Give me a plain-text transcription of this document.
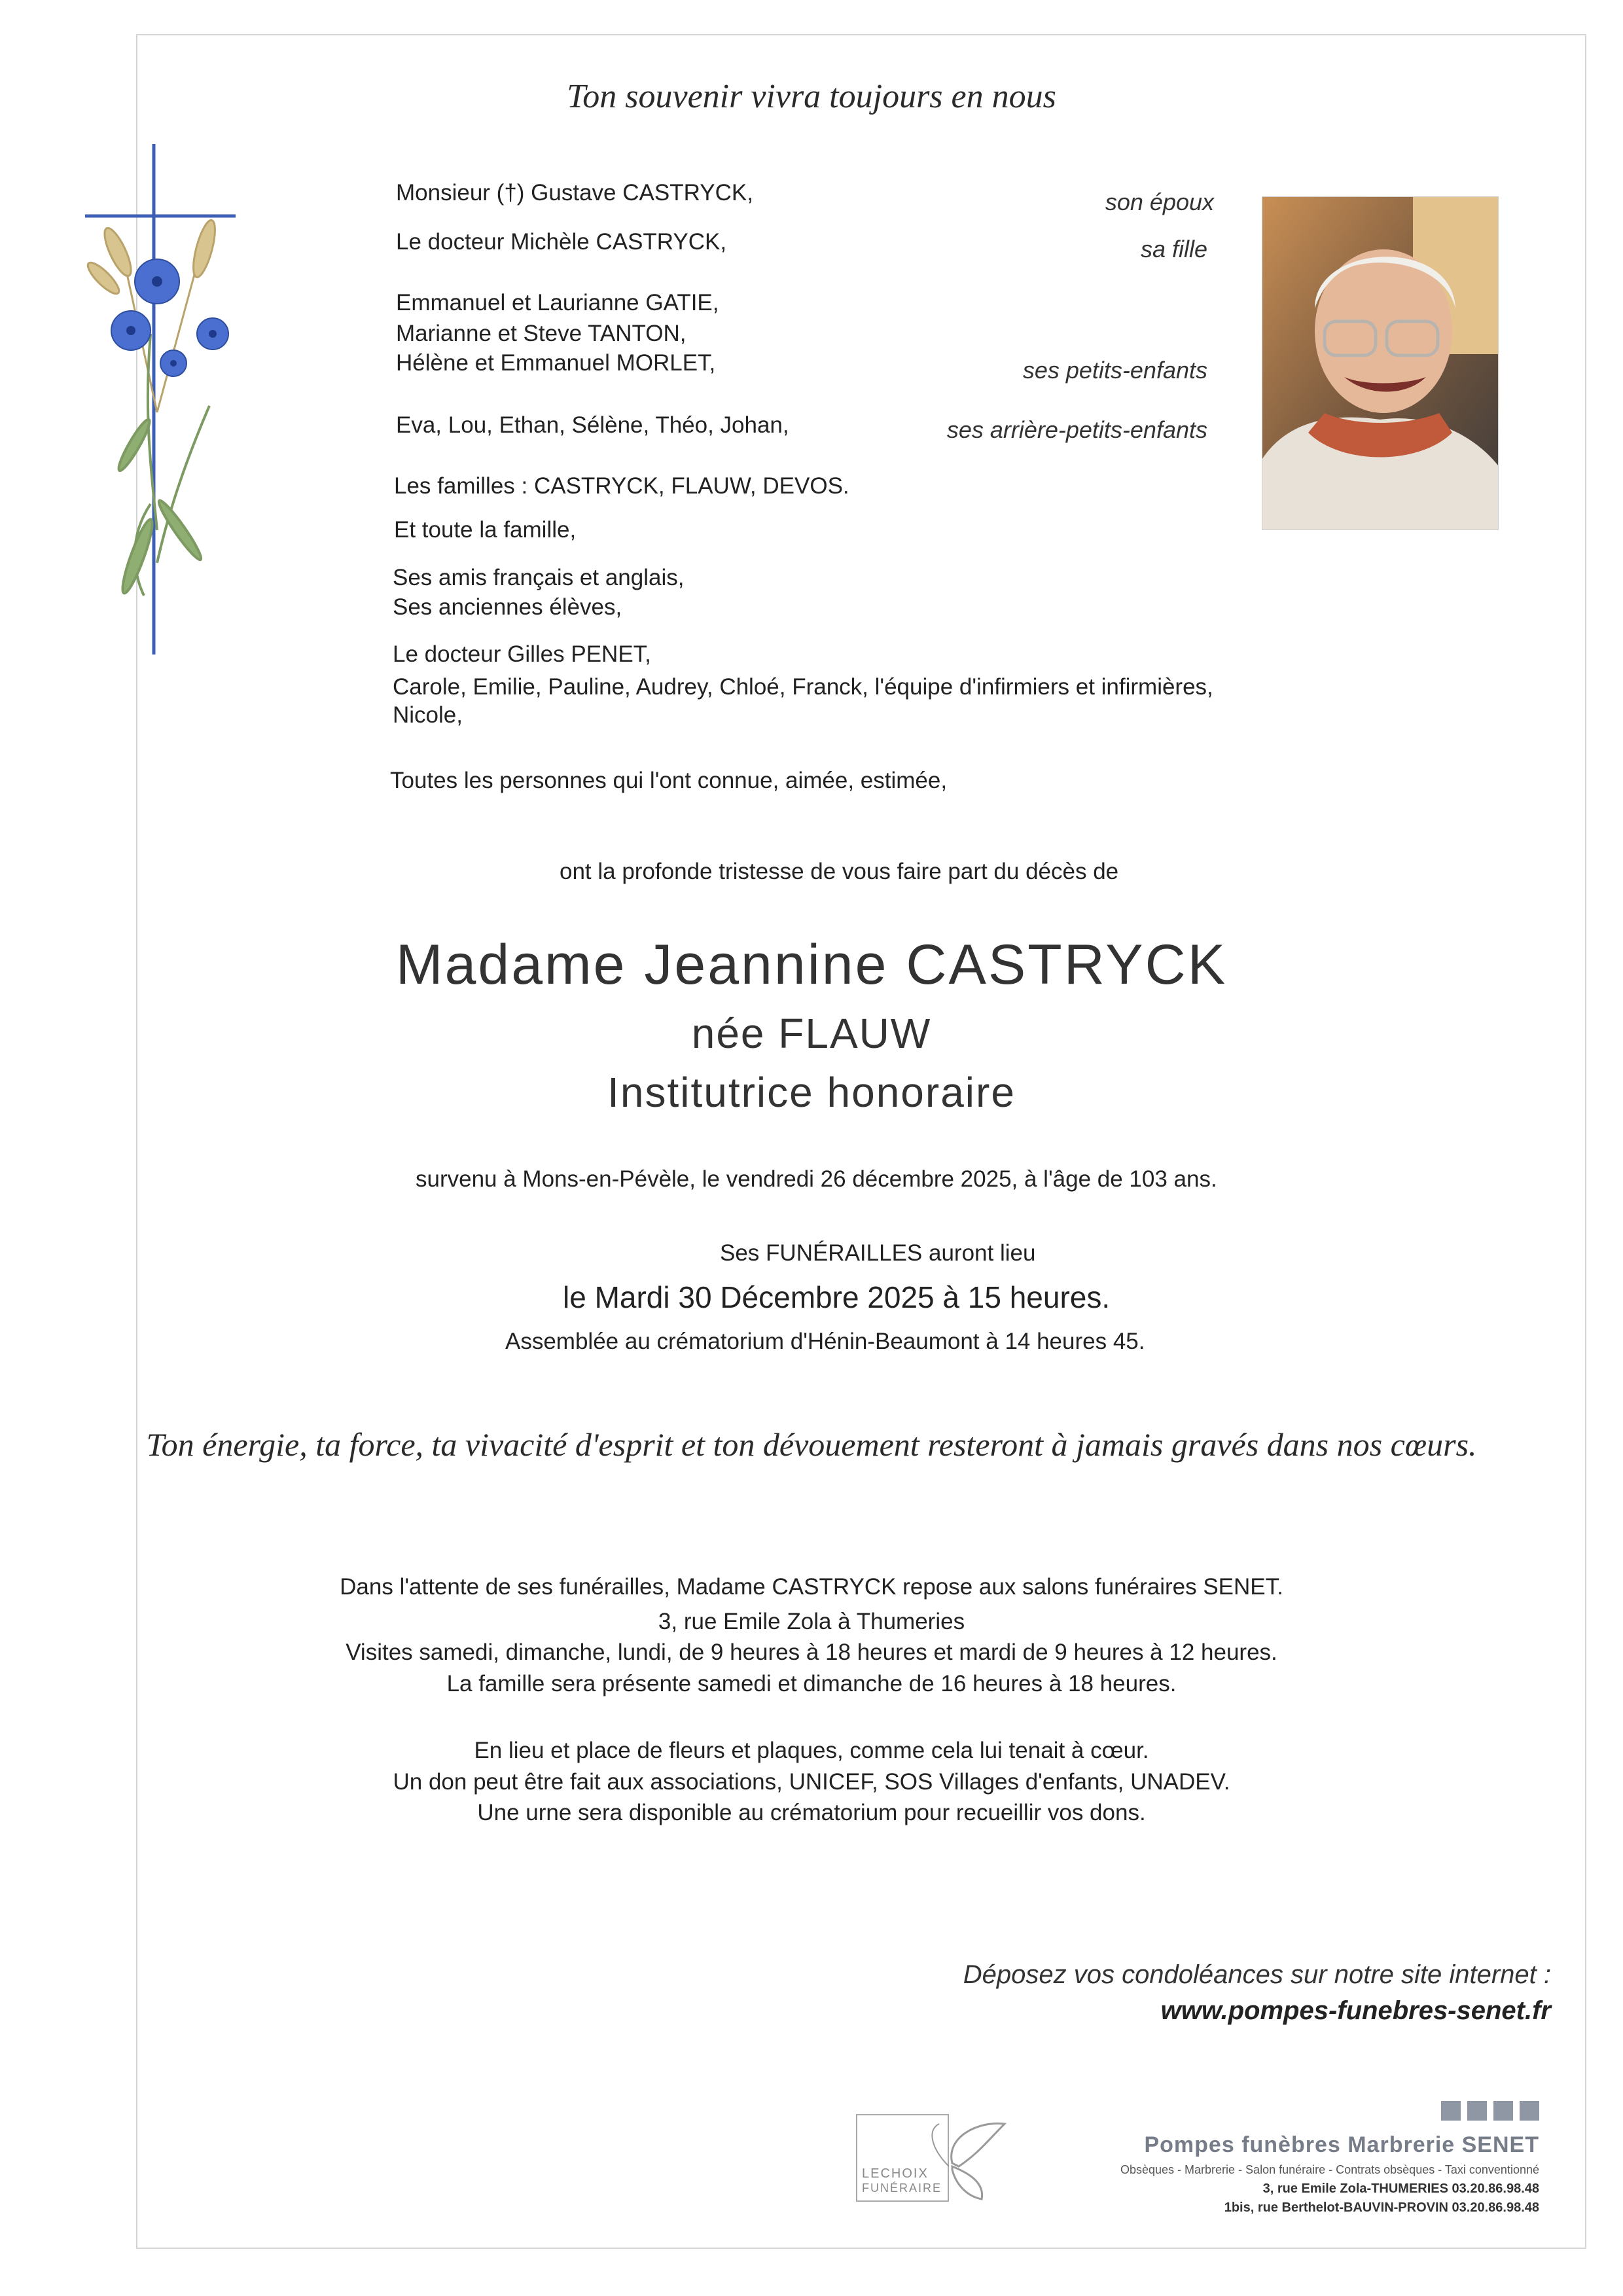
Ton souvenir vivra toujours en nous
Monsieur (†) Gustave CASTRYCK,	son époux
Le docteur Michèle CASTRYCK,	sa fille
Emmanuel et Laurianne GATIE,
Marianne et Steve TANTON,
Hélène et Emmanuel MORLET,	ses petits-enfants
Eva, Lou, Ethan, Sélène, Théo, Johan,	ses arrière-petits-enfants
Les familles : CASTRYCK, FLAUW, DEVOS.
Et toute la famille,
Ses amis français et anglais,
Ses anciennes élèves,
Le docteur Gilles PENET,
Carole, Emilie, Pauline, Audrey, Chloé, Franck, l'équipe d'infirmiers et infirmières,
Nicole,
Toutes les personnes qui l'ont connue, aimée, estimée,
ont la profonde tristesse de vous faire part du décès de
Madame Jeannine CASTRYCK
née FLAUW
Institutrice honoraire
survenu à Mons-en-Pévèle, le vendredi 26 décembre 2025, à l'âge de 103 ans.
Ses FUNÉRAILLES auront lieu
le Mardi 30 Décembre 2025 à 15 heures.
Assemblée au crématorium d'Hénin-Beaumont à 14 heures 45.
Ton énergie, ta force, ta vivacité d'esprit et ton dévouement resteront à jamais gravés dans nos cœurs.
Dans l'attente de ses funérailles, Madame CASTRYCK repose aux salons funéraires SENET.
3, rue Emile Zola à Thumeries
Visites samedi, dimanche, lundi, de 9 heures à 18 heures et mardi de 9 heures à 12 heures.
La famille sera présente samedi et dimanche de 16 heures à 18 heures.
En lieu et place de fleurs et plaques, comme cela lui tenait à cœur.
Un don peut être fait aux associations, UNICEF, SOS Villages d'enfants, UNADEV.
Une urne sera disponible au crématorium pour recueillir vos dons.
Déposez vos condoléances sur notre site internet :
www.pompes-funebres-senet.fr
LECHOIX
FUNÉRAIRE
Pompes funèbres Marbrerie SENET
Obsèques - Marbrerie - Salon funéraire - Contrats obsèques - Taxi conventionné
3, rue Emile Zola-THUMERIES 03.20.86.98.48
1bis, rue Berthelot-BAUVIN-PROVIN 03.20.86.98.48
